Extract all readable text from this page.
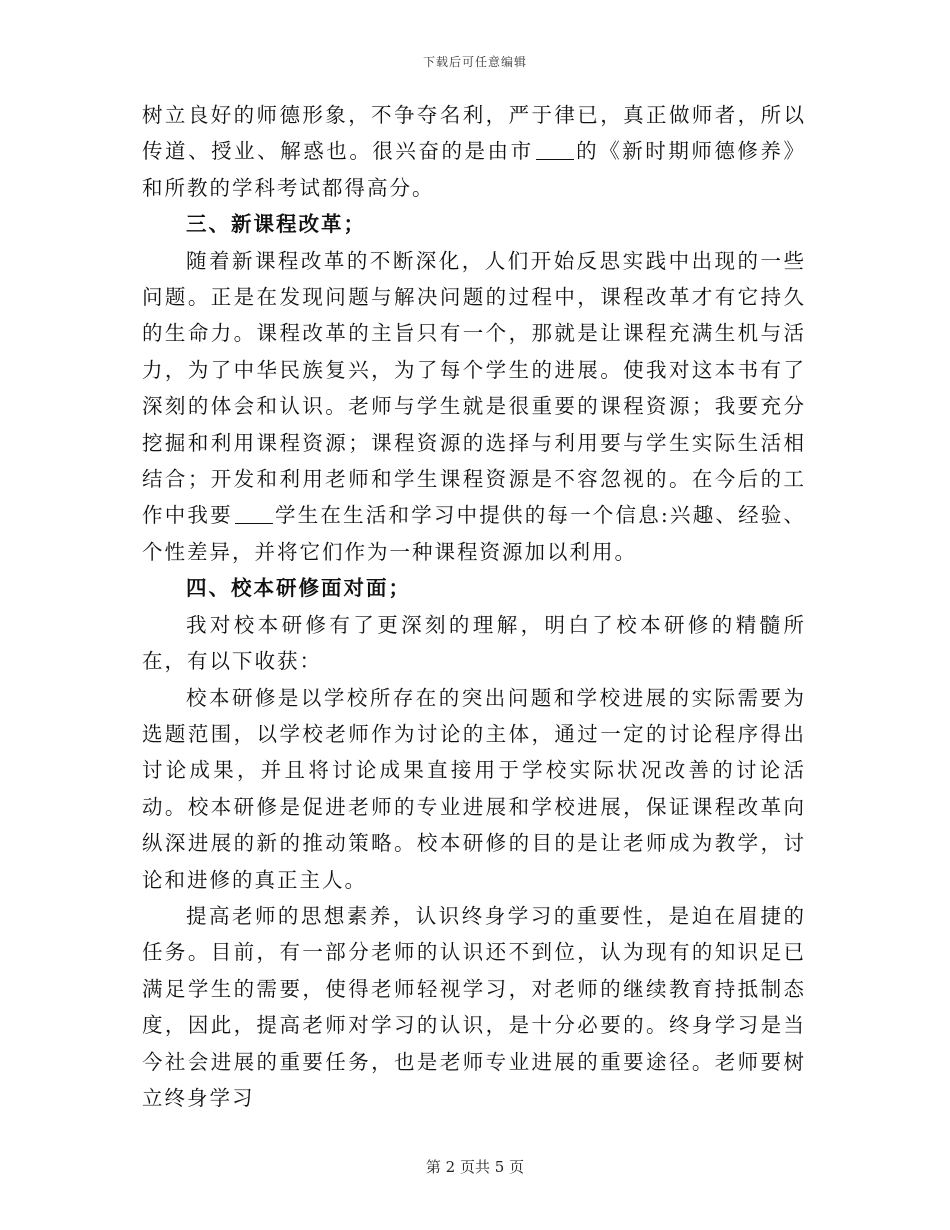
下载后可任意编辑

树立良好的师德形象，不争夺名利，严于律已，真正做师者，所以传道、授业、解惑也。很兴奋的是由市 的《新时期师德修养》和所教的学科考试都得高分。

三、新课程改革；

随着新课程改革的不断深化，人们开始反思实践中出现的一些问题。正是在发现问题与解决问题的过程中，课程改革才有它持久的生命力。课程改革的主旨只有一个，那就是让课程充满生机与活力，为了中华民族复兴，为了每个学生的进展。使我对这本书有了深刻的体会和认识。老师与学生就是很重要的课程资源；我要充分挖掘和利用课程资源；课程资源的选择与利用要与学生实际生活相结合；开发和利用老师和学生课程资源是不容忽视的。在今后的工作中我要 学生在生活和学习中提供的每一个信息:兴趣、经验、个性差异，并将它们作为一种课程资源加以利用。

四、校本研修面对面；

我对校本研修有了更深刻的理解，明白了校本研修的精髓所在，有以下收获：

校本研修是以学校所存在的突出问题和学校进展的实际需要为选题范围，以学校老师作为讨论的主体，通过一定的讨论程序得出讨论成果，并且将讨论成果直接用于学校实际状况改善的讨论活动。校本研修是促进老师的专业进展和学校进展，保证课程改革向纵深进展的新的推动策略。校本研修的目的是让老师成为教学，讨论和进修的真正主人。

提高老师的思想素养，认识终身学习的重要性，是迫在眉捷的任务。目前，有一部分老师的认识还不到位，认为现有的知识足已满足学生的需要，使得老师轻视学习，对老师的继续教育持抵制态度，因此，提高老师对学习的认识，是十分必要的。终身学习是当今社会进展的重要任务，也是老师专业进展的重要途径。老师要树立终身学习

第 2 页共 5 页
